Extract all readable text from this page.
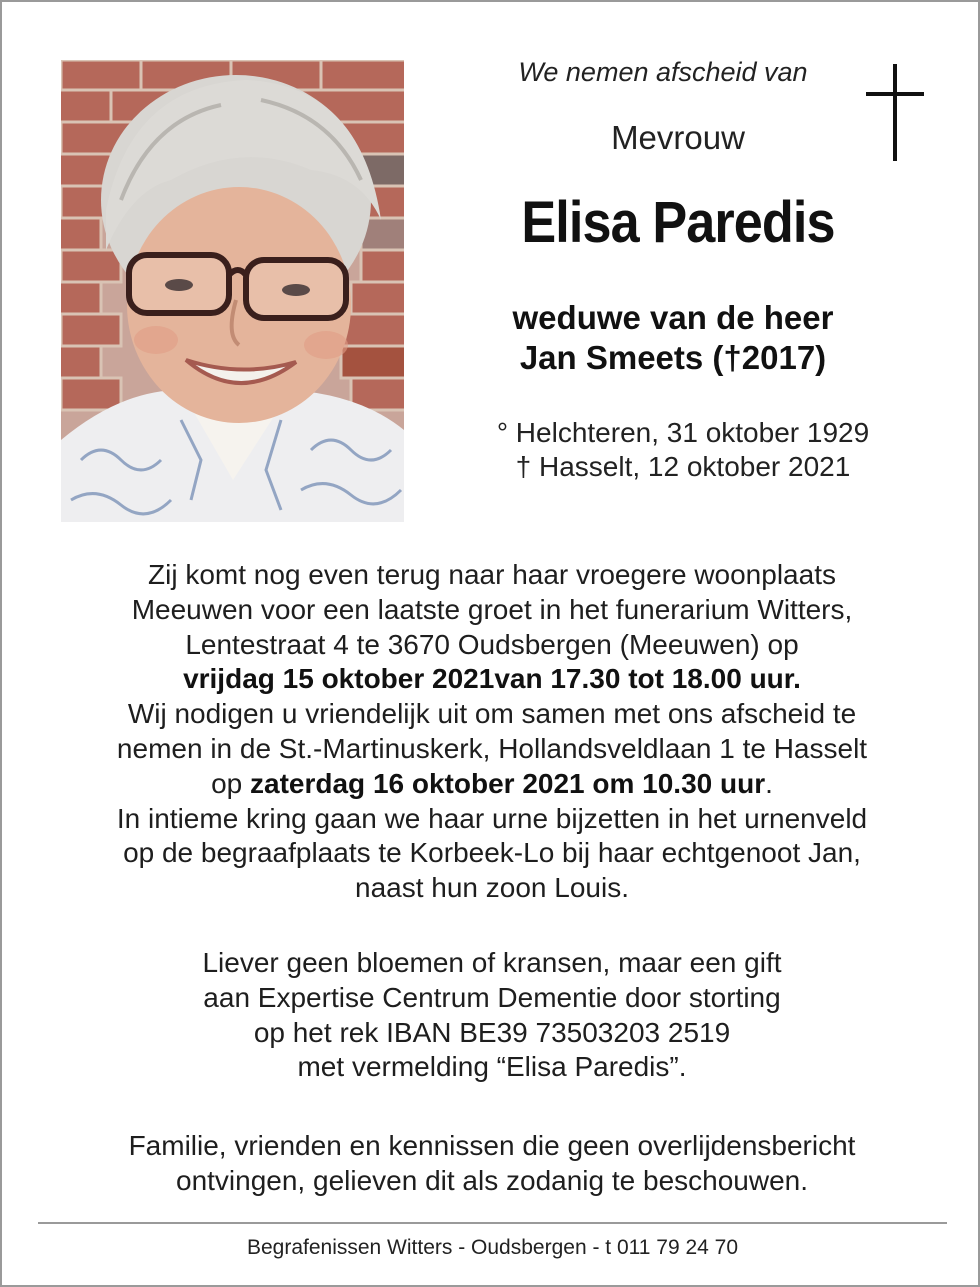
We nemen afscheid van
Mevrouw
Elisa Paredis
weduwe van de heer
Jan Smeets (†2017)
° Helchteren, 31 oktober 1929
† Hasselt, 12 oktober 2021
Zij komt nog even terug naar haar vroegere woonplaats
Meeuwen voor een laatste groet in het funerarium Witters,
Lentestraat 4 te 3670 Oudsbergen (Meeuwen) op
vrijdag 15 oktober 2021van 17.30 tot 18.00 uur.
Wij nodigen u vriendelijk uit om samen met ons afscheid te
nemen in de St.-Martinuskerk, Hollandsveldlaan 1 te Hasselt
op zaterdag 16 oktober 2021 om 10.30 uur.
In intieme kring gaan we haar urne bijzetten in het urnenveld
op de begraafplaats te Korbeek-Lo bij haar echtgenoot Jan,
naast hun zoon Louis.
Liever geen bloemen of kransen, maar een gift
aan Expertise Centrum Dementie door storting
op het rek IBAN BE39 73503203 2519
met vermelding “Elisa Paredis”.
Familie, vrienden en kennissen die geen overlijdensbericht
ontvingen, gelieven dit als zodanig te beschouwen.
Begrafenissen Witters - Oudsbergen - t 011 79 24 70
